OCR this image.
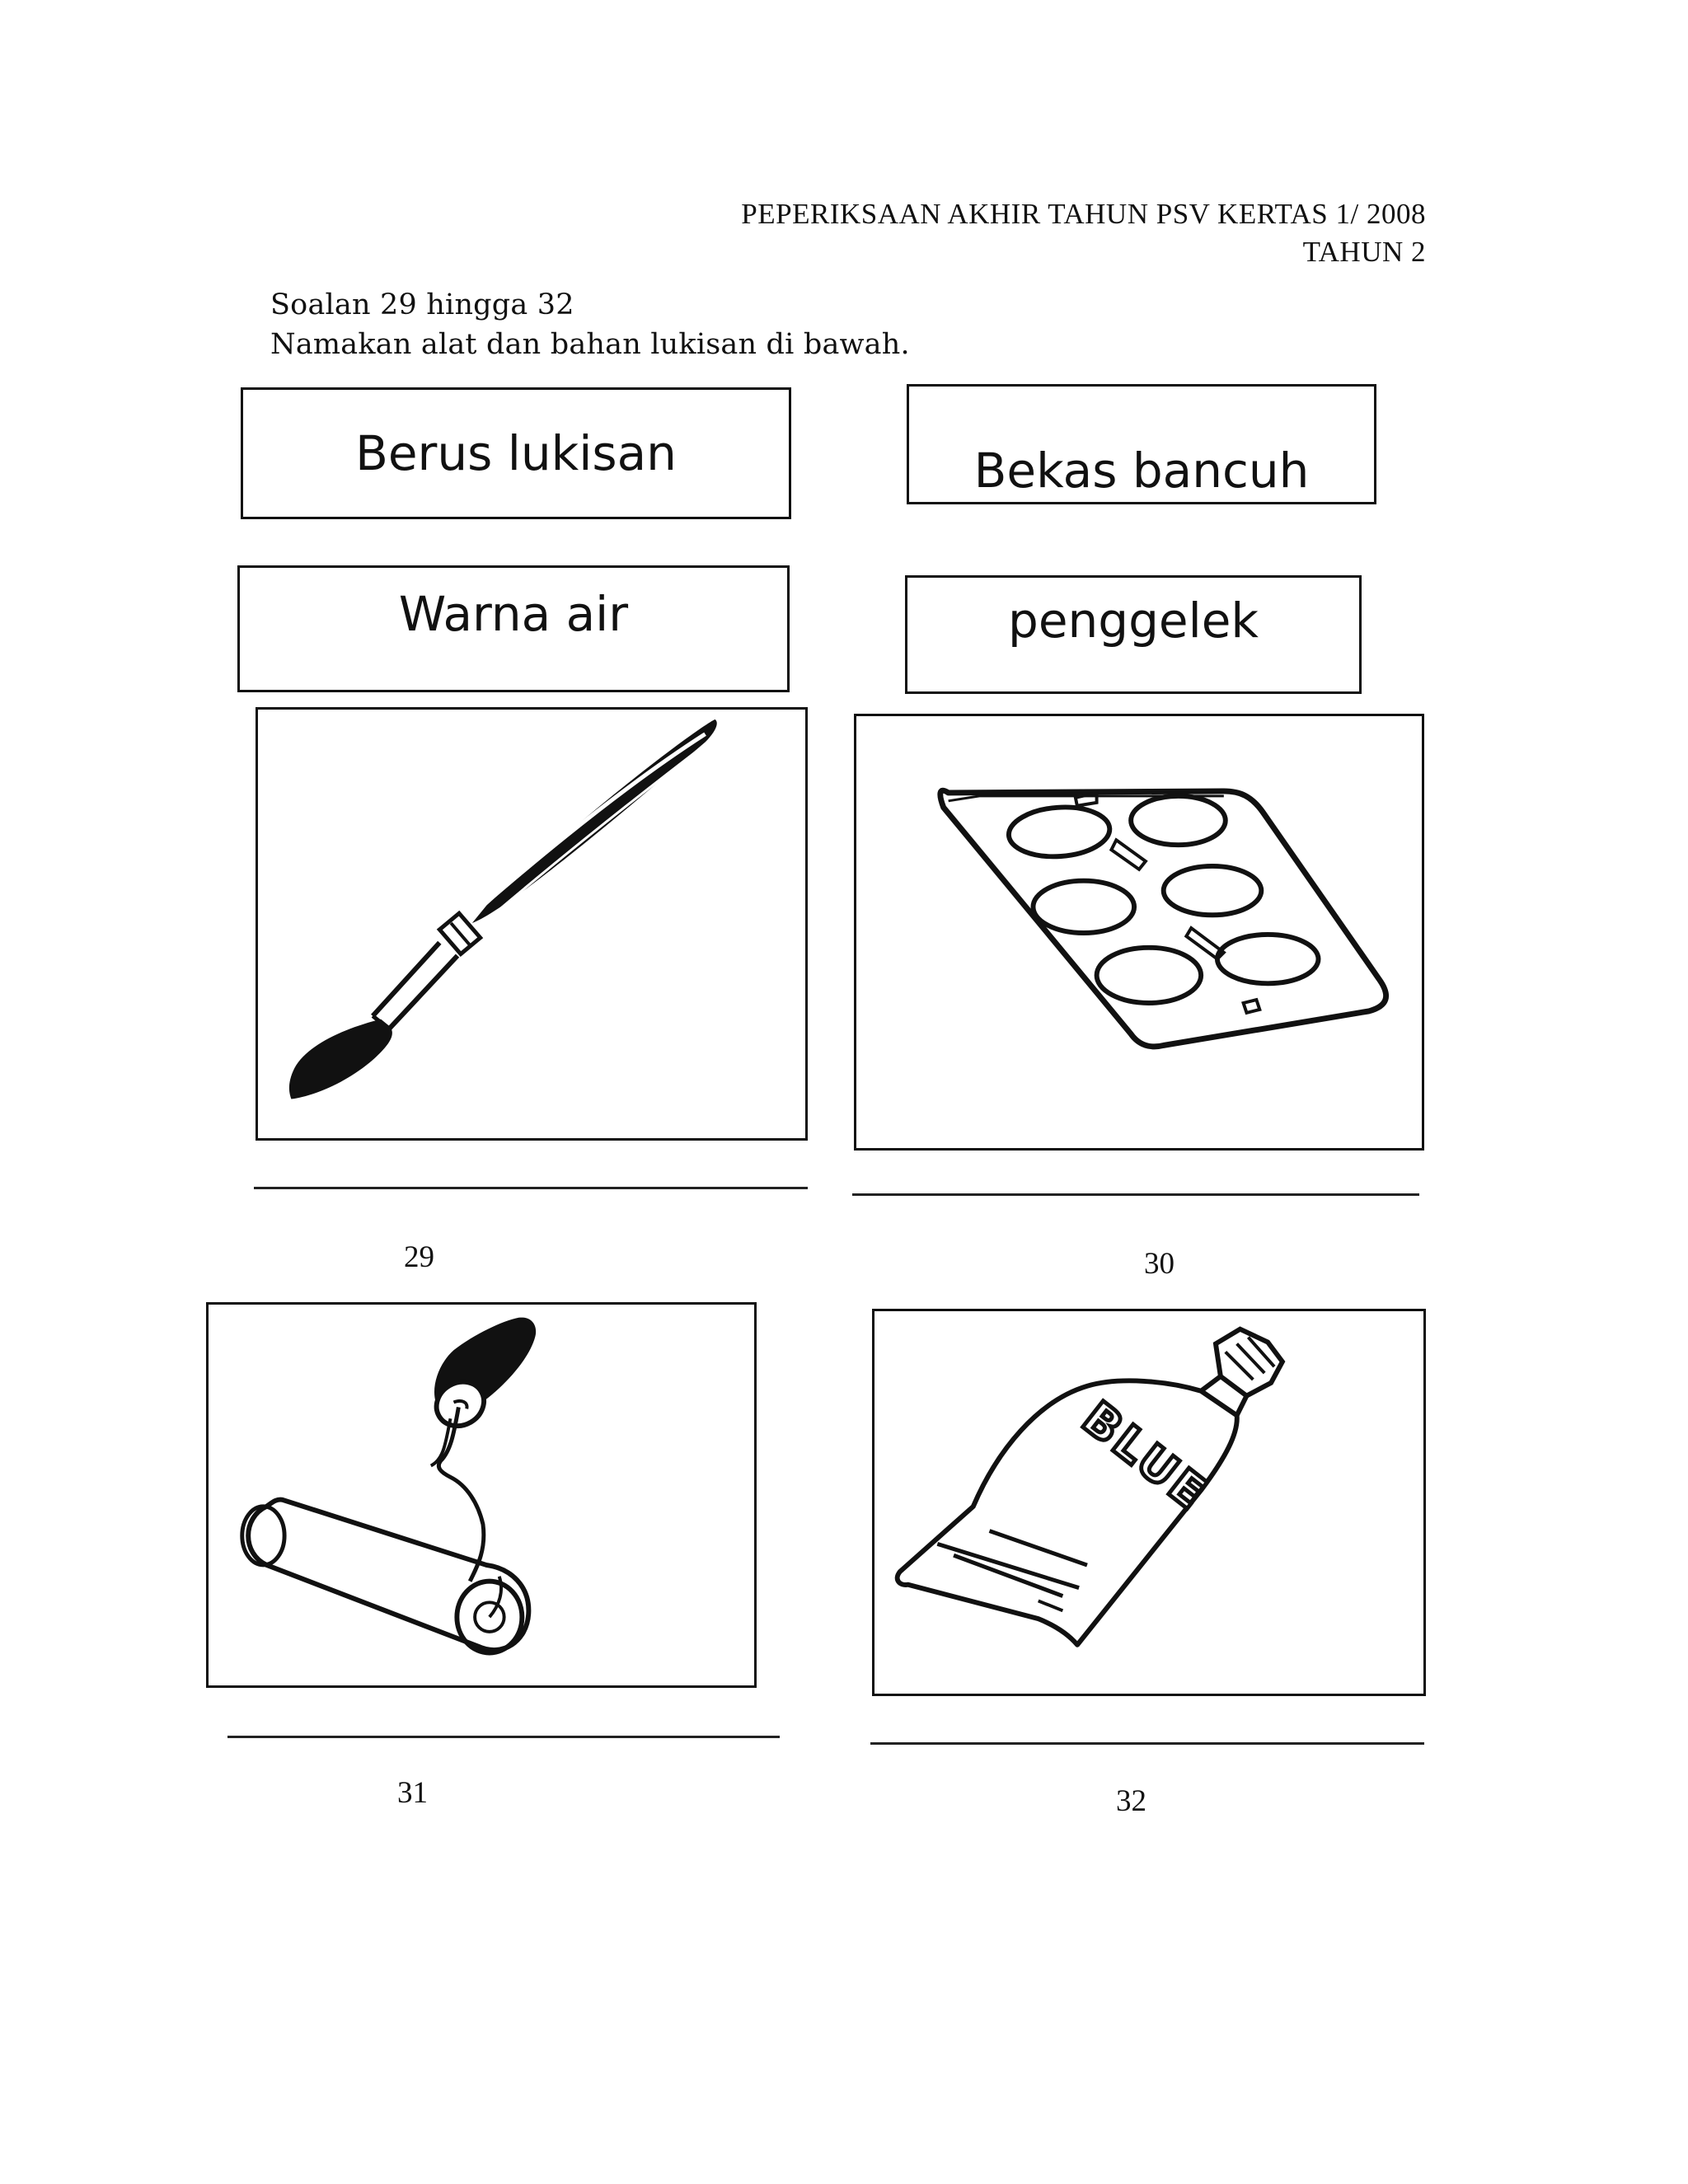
PEPERIKSAAN AKHIR TAHUN PSV KERTAS 1/ 2008
TAHUN 2
Soalan 29 hingga 32
Namakan alat dan bahan lukisan di bawah.
Berus lukisan	Bekas bancuh
Warna air	penggelek
29	30
BLUE
31	32
